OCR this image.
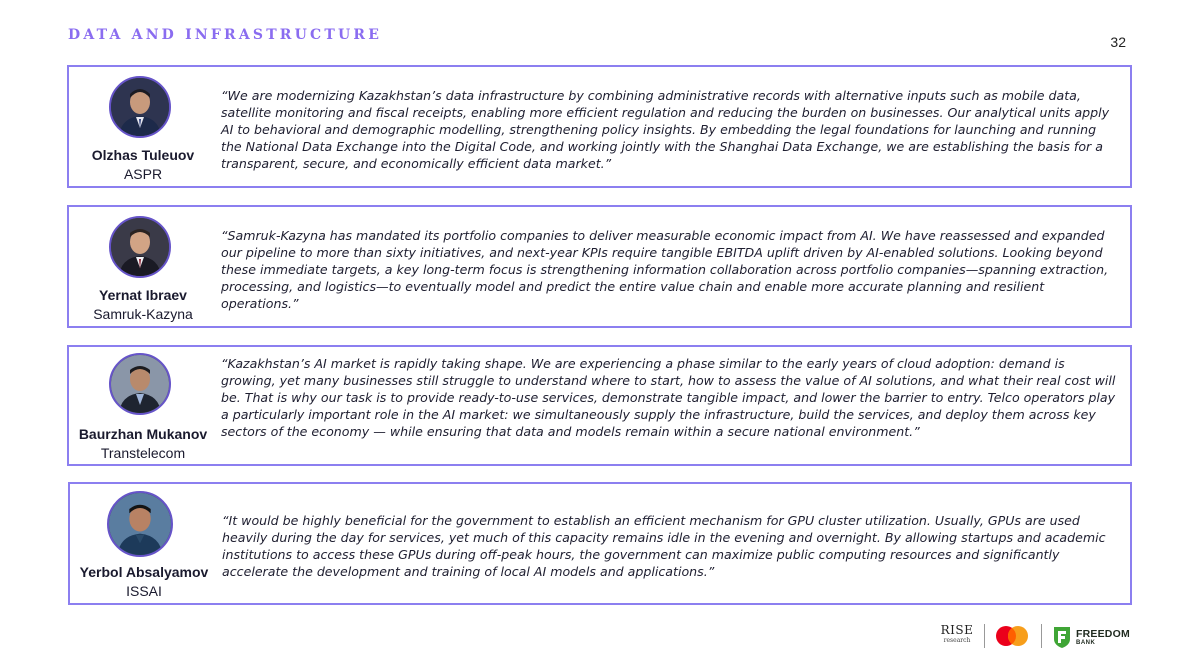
DATA AND INFRASTRUCTURE	32
Olzhas Tuleuov
ASPR
“We are modernizing Kazakhstan’s data infrastructure by combining administrative records with alternative inputs such as mobile data, satellite monitoring and fiscal receipts, enabling more efficient regulation and reducing the burden on businesses. Our analytical units apply AI to behavioral and demographic modelling, strengthening policy insights. By embedding the legal foundations for launching and running the National Data Exchange into the Digital Code, and working jointly with the Shanghai Data Exchange, we are establishing the basis for a transparent, secure, and economically efficient data market.”
Yernat Ibraev
Samruk-Kazyna
“Samruk-Kazyna has mandated its portfolio companies to deliver measurable economic impact from AI. We have reassessed and expanded our pipeline to more than sixty initiatives, and next-year KPIs require tangible EBITDA uplift driven by AI-enabled solutions. Looking beyond these immediate targets, a key long-term focus is strengthening information collaboration across portfolio companies—spanning extraction, processing, and logistics—to eventually model and predict the entire value chain and enable more accurate planning and resilient operations.”
Baurzhan Mukanov
Transtelecom
“Kazakhstan’s AI market is rapidly taking shape. We are experiencing a phase similar to the early years of cloud adoption: demand is growing, yet many businesses still struggle to understand where to start, how to assess the value of AI solutions, and what their real cost will be. That is why our task is to provide ready-to-use services, demonstrate tangible impact, and lower the barrier to entry. Telco operators play a particularly important role in the AI market: we simultaneously supply the infrastructure, build the services, and deploy them across key sectors of the economy — while ensuring that data and models remain within a secure national environment.”
Yerbol Absalyamov
ISSAI
“It would be highly beneficial for the government to establish an efficient mechanism for GPU cluster utilization. Usually, GPUs are used heavily during the day for services, yet much of this capacity remains idle in the evening and overnight. By allowing startups and academic institutions to access these GPUs during off-peak hours, the government can maximize public computing resources and significantly accelerate the development and training of local AI models and applications.”
RISE
research
FREEDOM
BANK
